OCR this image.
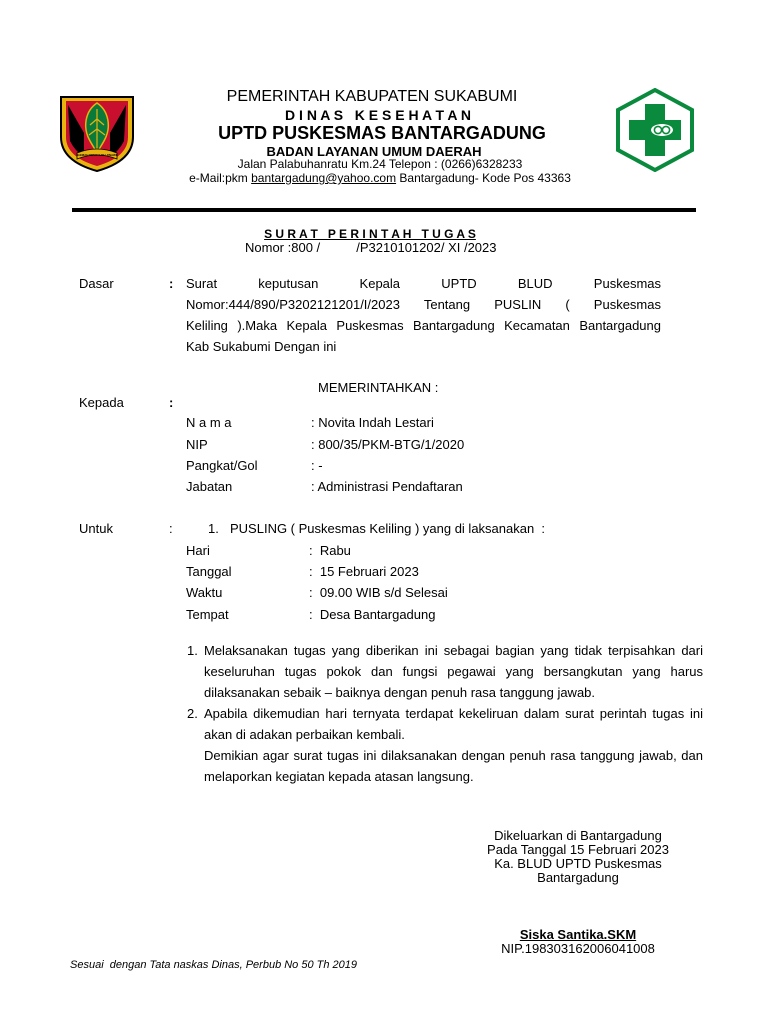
GEMAH RIPAH LOH JINAWI
PEMERINTAH KABUPATEN SUKABUMI
D I N A S   K E S E H A T A N
UPTD PUSKESMAS BANTARGADUNG
BADAN LAYANAN UMUM DAERAH
Jalan Palabuhanratu Km.24 Telepon : (0266)6328233
e-Mail:pkm bantargadung@yahoo.com Bantargadung- Kode Pos 43363
S U R A T   P E R I N T A H   T U G A S
Nomor :800 /          /P3210101202/ XI /2023
Dasar	: Surat keputusan Kepala UPTD BLUD Puskesmas
Nomor:444/890/P3202121201/I/2023 Tentang PUSLIN ( Puskesmas
Keliling ).Maka Kepala Puskesmas Bantargadung Kecamatan Bantargadung
Kab Sukabumi Dengan ini
MEMERINTAHKAN :
Kepada	:
N a m a	: Novita Indah Lestari
NIP	: 800/35/PKM-BTG/1/2020
Pangkat/Gol	: -
Jabatan	: Administrasi Pendaftaran
Untuk	:	1. PUSLING ( Puskesmas Keliling ) yang di laksanakan  :
Hari	:  Rabu
Tanggal	:  15 Februari 2023
Waktu	:  09.00 WIB s/d Selesai
Tempat	:  Desa Bantargadung
1. Melaksanakan tugas yang diberikan ini sebagai bagian yang tidak terpisahkan dari keseluruhan tugas pokok dan fungsi pegawai yang bersangkutan yang harus dilaksanakan sebaik – baiknya dengan penuh rasa tanggung jawab.
2. Apabila dikemudian hari ternyata terdapat kekeliruan dalam surat perintah tugas ini akan di adakan perbaikan kembali.
Demikian agar surat tugas ini dilaksanakan dengan penuh rasa tanggung jawab, dan melaporkan kegiatan kepada atasan langsung.
Dikeluarkan di Bantargadung
Pada Tanggal 15 Februari 2023
Ka. BLUD UPTD Puskesmas
Bantargadung
Siska Santika.SKM
NIP.198303162006041008
Sesuai  dengan Tata naskas Dinas, Perbub No 50 Th 2019
